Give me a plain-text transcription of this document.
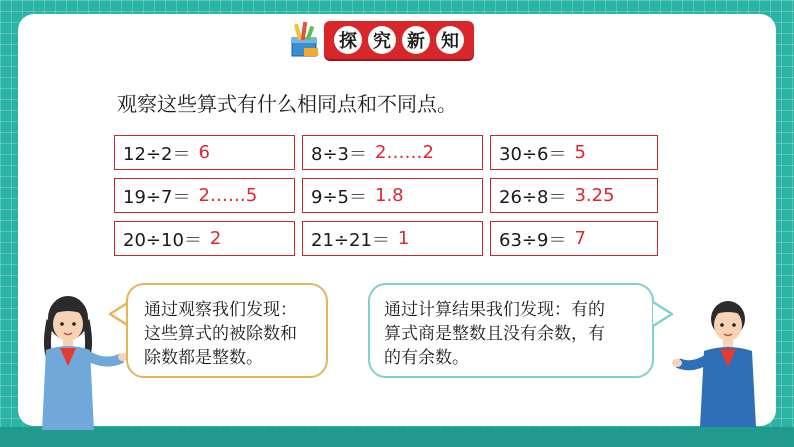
探 究 新 知
观察这些算式有什么相同点和不同点。
12÷2＝ 6	8÷3＝ 2……2	30÷6＝ 5
19÷7＝ 2……5	9÷5＝ 1.8	26÷8＝ 3.25
20÷10＝ 2	21÷21＝ 1	63÷9＝ 7
通过观察我们发现：
这些算式的被除数和
除数都是整数。
通过计算结果我们发现：有的
算式商是整数且没有余数，有
的有余数。
